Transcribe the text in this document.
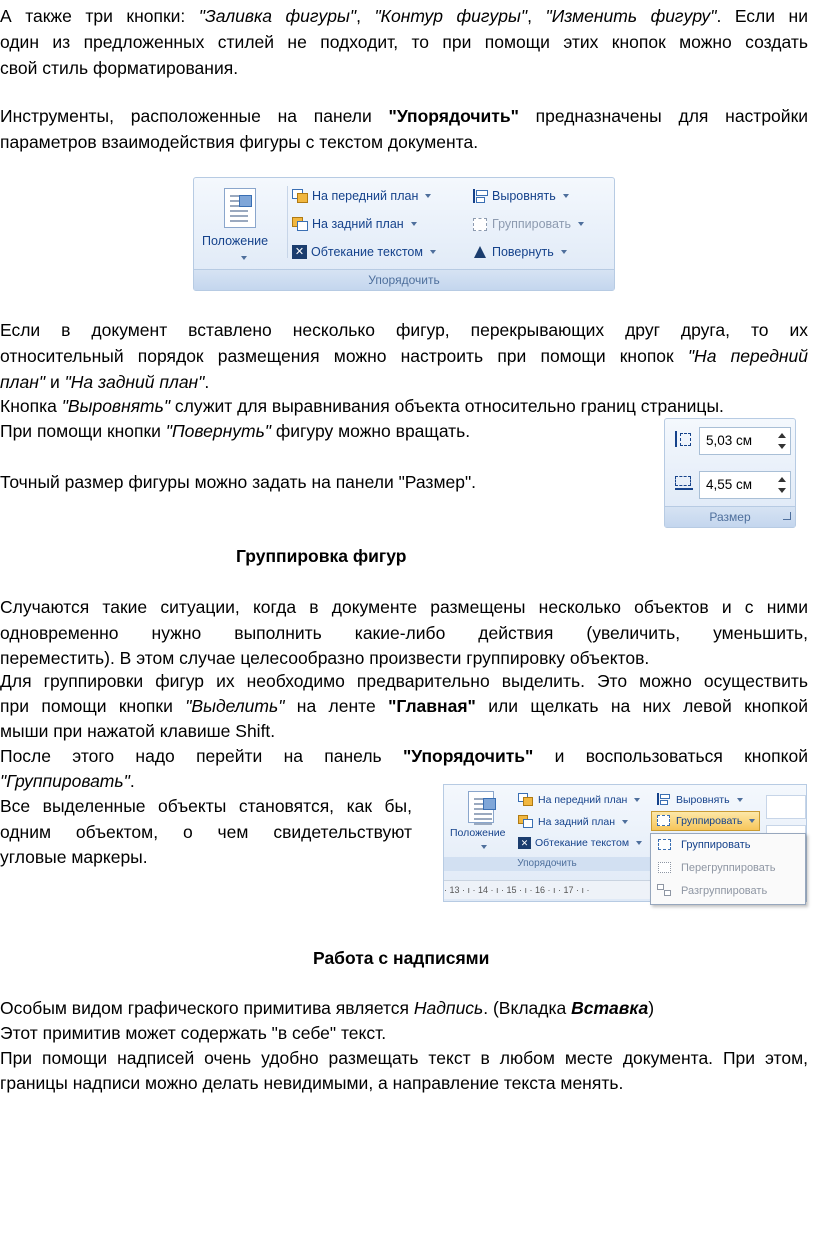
А также три кнопки: "Заливка фигуры", "Контур фигуры", "Изменить фигуру". Если ни

один из предложенных стилей не подходит, то при помощи этих кнопок можно создать

свой стиль форматирования.

Инструменты, расположенные на панели "Упорядочить" предназначены для настройки

параметров взаимодействия фигуры с текстом документа.

Положение
На передний план
На задний план
✕ Обтекание текстом
Выровнять
Группировать
Повернуть
Упорядочить

Если в документ вставлено несколько фигур, перекрывающих друг друга, то их

относительный порядок размещения можно настроить при помощи кнопок "На передний

план" и "На задний план".

Кнопка "Выровнять" служит для выравнивания объекта относительно границ страницы.

При помощи кнопки "Повернуть" фигуру можно вращать.

Точный размер фигуры можно задать на панели "Размер".

5,03 см
4,55 см
Размер

Группировка фигур

Случаются такие ситуации, когда в документе размещены несколько объектов и с ними

одновременно нужно выполнить какие-либо действия (увеличить, уменьшить,

переместить). В этом случае целесообразно произвести группировку объектов.

Для группировки фигур их необходимо предварительно выделить. Это можно осуществить

при помощи кнопки "Выделить" на ленте "Главная" или щелкать на них левой кнопкой

мыши при нажатой клавише Shift.

После этого надо перейти на панель "Упорядочить" и воспользоваться кнопкой

"Группировать".

Все выделенные объекты становятся, как бы,

одним объектом, о чем свидетельствуют

угловые маркеры.

Положение
На передний план
На задний план
✕ Обтекание текстом
Выровнять
Группировать
Упорядочить
· 13 · ı · 14 · ı · 15 · ı · 16 · ı · 17 · ı ·
Группировать
Перегруппировать
Разгруппировать

Работа с надписями

Особым видом графического примитива является Надпись. (Вкладка Вставка)

Этот примитив может содержать "в себе" текст.

При помощи надписей очень удобно размещать текст в любом месте документа. При этом,

границы надписи можно делать невидимыми, а направление текста менять.
